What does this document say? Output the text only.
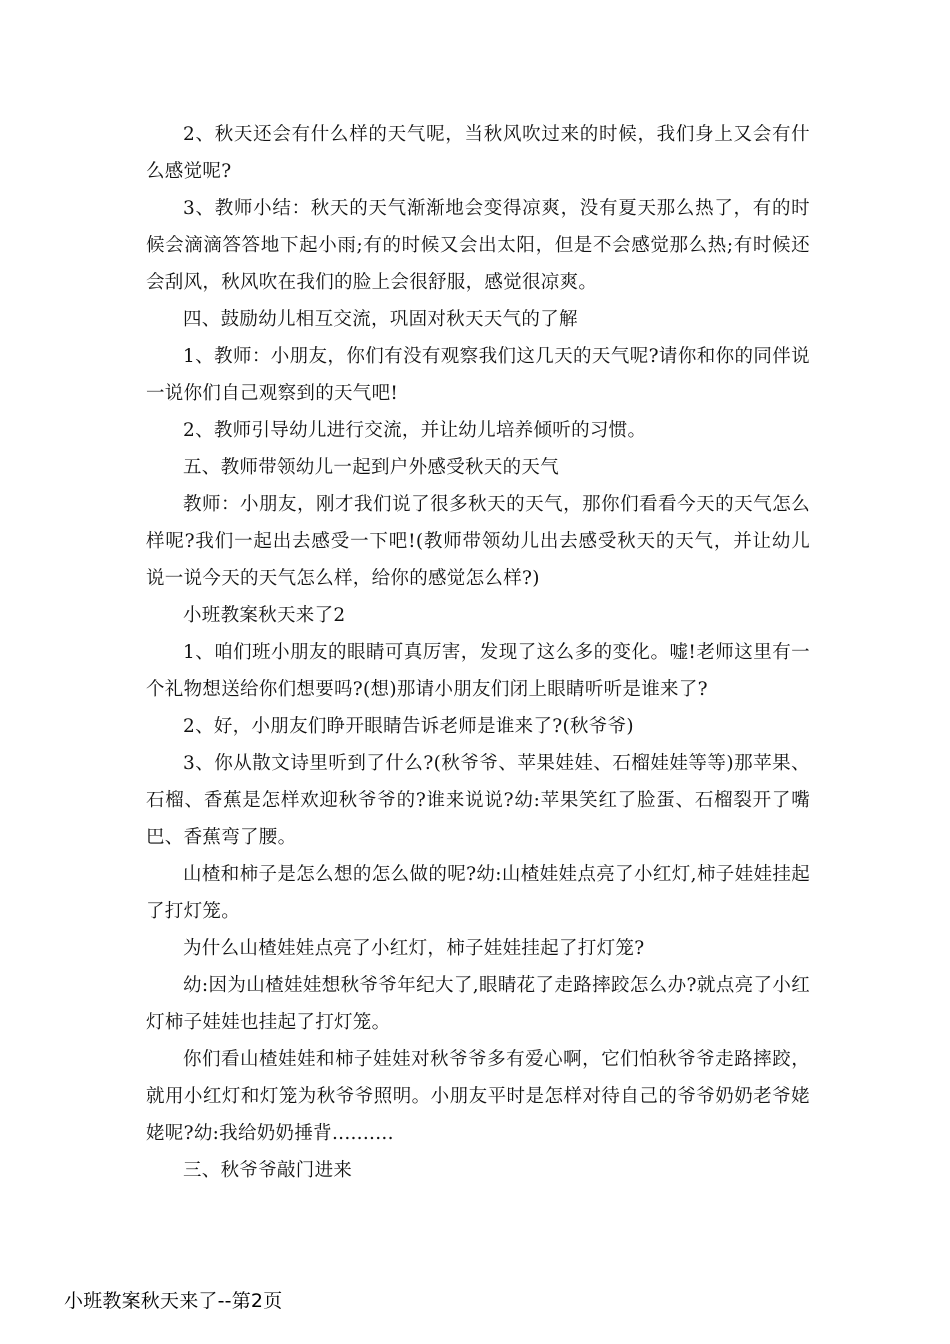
2、秋天还会有什么样的天气呢，当秋风吹过来的时候，我们身上又会有什么感觉呢?

3、教师小结：秋天的天气渐渐地会变得凉爽，没有夏天那么热了，有的时候会滴滴答答地下起小雨;有的时候又会出太阳，但是不会感觉那么热;有时候还会刮风，秋风吹在我们的脸上会很舒服，感觉很凉爽。

四、鼓励幼儿相互交流，巩固对秋天天气的了解

1、教师：小朋友，你们有没有观察我们这几天的天气呢?请你和你的同伴说一说你们自己观察到的天气吧!

2、教师引导幼儿进行交流，并让幼儿培养倾听的习惯。

五、教师带领幼儿一起到户外感受秋天的天气

教师：小朋友，刚才我们说了很多秋天的天气，那你们看看今天的天气怎么样呢?我们一起出去感受一下吧!(教师带领幼儿出去感受秋天的天气，并让幼儿说一说今天的天气怎么样，给你的感觉怎么样?)

小班教案秋天来了2

1、咱们班小朋友的眼睛可真厉害，发现了这么多的变化。嘘!老师这里有一个礼物想送给你们想要吗?(想)那请小朋友们闭上眼睛听听是谁来了?

2、好，小朋友们睁开眼睛告诉老师是谁来了?(秋爷爷)

3、你从散文诗里听到了什么?(秋爷爷、苹果娃娃、石榴娃娃等等)那苹果、石榴、香蕉是怎样欢迎秋爷爷的?谁来说说?幼:苹果笑红了脸蛋、石榴裂开了嘴巴、香蕉弯了腰。

山楂和柿子是怎么想的怎么做的呢?幼:山楂娃娃点亮了小红灯,柿子娃娃挂起了打灯笼。

为什么山楂娃娃点亮了小红灯，柿子娃娃挂起了打灯笼?

幼:因为山楂娃娃想秋爷爷年纪大了,眼睛花了走路摔跤怎么办?就点亮了小红灯柿子娃娃也挂起了打灯笼。

你们看山楂娃娃和柿子娃娃对秋爷爷多有爱心啊，它们怕秋爷爷走路摔跤，就用小红灯和灯笼为秋爷爷照明。小朋友平时是怎样对待自己的爷爷奶奶老爷姥姥呢?幼:我给奶奶捶背..........

三、秋爷爷敲门进来

小班教案秋天来了--第2页
